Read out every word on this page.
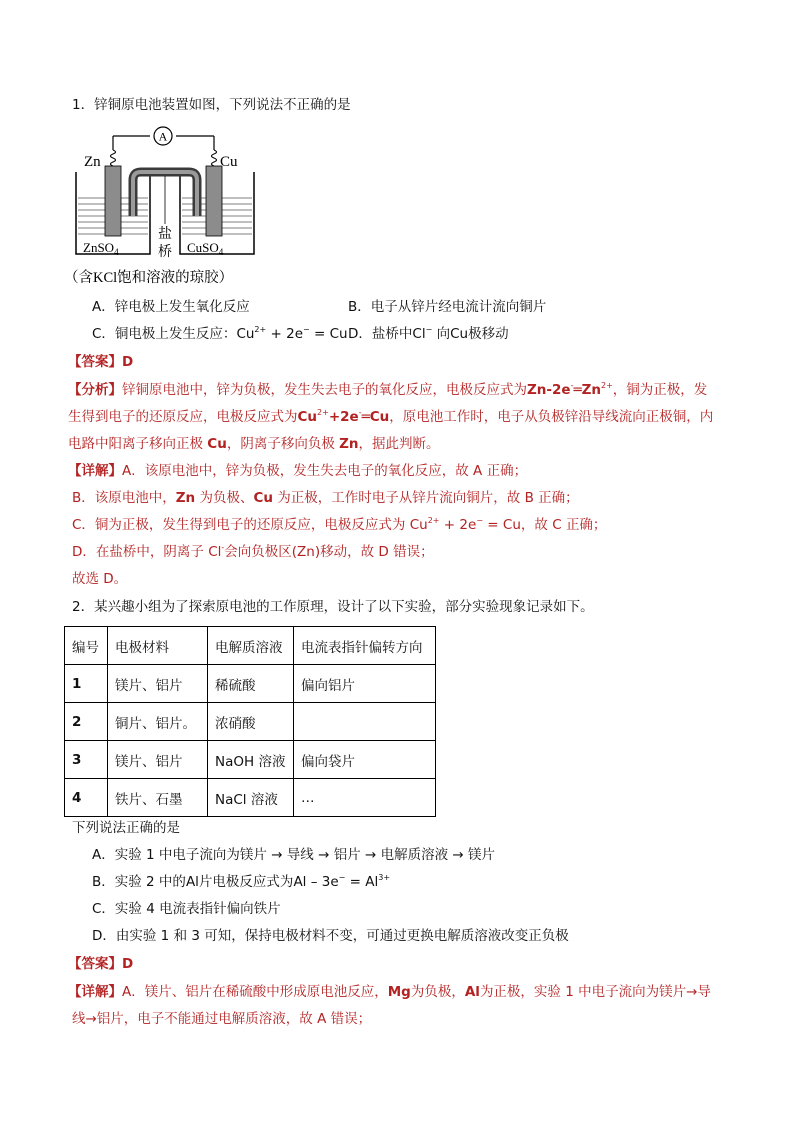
1．锌铜原电池装置如图，下列说法不正确的是
A
Zn	Cu
盐
桥
ZnSO$_4$	CuSO$_4$
（含KCl饱和溶液的琼胶）
A．锌电极上发生氧化反应	B．电子从锌片经电流计流向铜片
C．铜电极上发生反应：$Cu^{2+} + 2e^- = Cu$ D．盐桥中Cl− 向Cu极移动
【答案】D
【分析】锌铜原电池中，锌为负极，发生失去电子的氧化反应，电极反应式为$Zn-2e^-═Zn^{2+}$，铜为正极，发
生得到电子的还原反应，电极反应式为$Cu^{2+}+2e^-═Cu$，原电池工作时，电子从负极锌沿导线流向正极铜，内
电路中阳离子移向正极 Cu，阴离子移向负极 Zn，据此判断。
【详解】A．该原电池中，锌为负极，发生失去电子的氧化反应，故 A 正确；
B．该原电池中，Zn 为负极、Cu 为正极，工作时电子从锌片流向铜片，故 B 正确；
C．铜为正极，发生得到电子的还原反应，电极反应式为 $Cu^{2+} + 2e^- = Cu$，故 C 正确；
D．在盐桥中，阴离子 Cl-会向负极区(Zn)移动，故 D 错误；
故选 D。
2．某兴趣小组为了探索原电池的工作原理，设计了以下实验，部分实验现象记录如下。
编号	电极材料	电解质溶液	电流表指针偏转方向
1	镁片、铝片	稀硫酸	偏向铝片
2	铜片、铝片。	浓硝酸	
3	镁片、铝片	NaOH 溶液	偏向袋片
4	铁片、石墨	NaCl 溶液	…
下列说法正确的是
A．实验 1 中电子流向为镁片 → 导线 → 铝片 → 电解质溶液 → 镁片
B．实验 2 中的Al片电极反应式为$Al - 3e^- = Al^{3+}$
C．实验 4 电流表指针偏向铁片
D．由实验 1 和 3 可知，保持电极材料不变，可通过更换电解质溶液改变正负极
【答案】D
【详解】A．镁片、铝片在稀硫酸中形成原电池反应，Mg为负极，Al为正极，实验 1 中电子流向为镁片→导
线→铝片，电子不能通过电解质溶液，故 A 错误；
